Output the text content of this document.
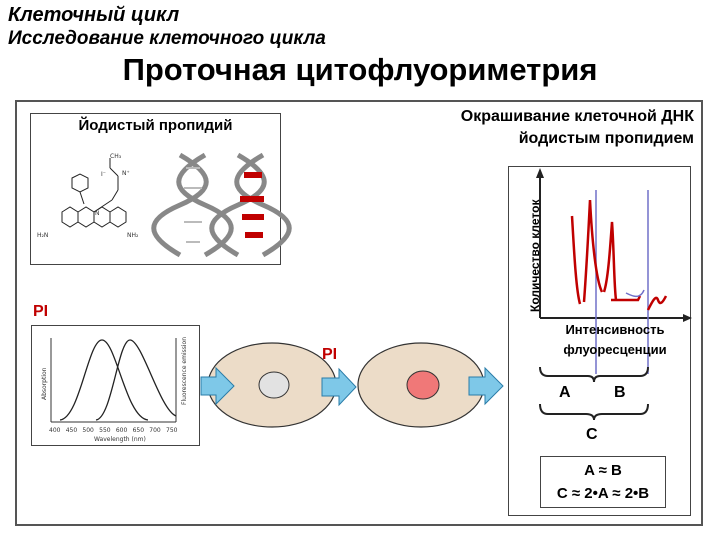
Клеточный цикл
Исследование клеточного цикла
Проточная цитофлуориметрия
Йодистый пропидий
Окрашивание клеточной ДНК
йодистым пропидием
PI
PI
H₂N	NH₂
I⁻
N
CH₃
N⁺
Absorption	Fluorescence emission
Wavelength (nm)
400 450 500 550 600 650 700 750
Количество клеток
Интенсивность
флуоресценции
A	B
C
A ≈ B
C ≈ 2•A ≈ 2•B
